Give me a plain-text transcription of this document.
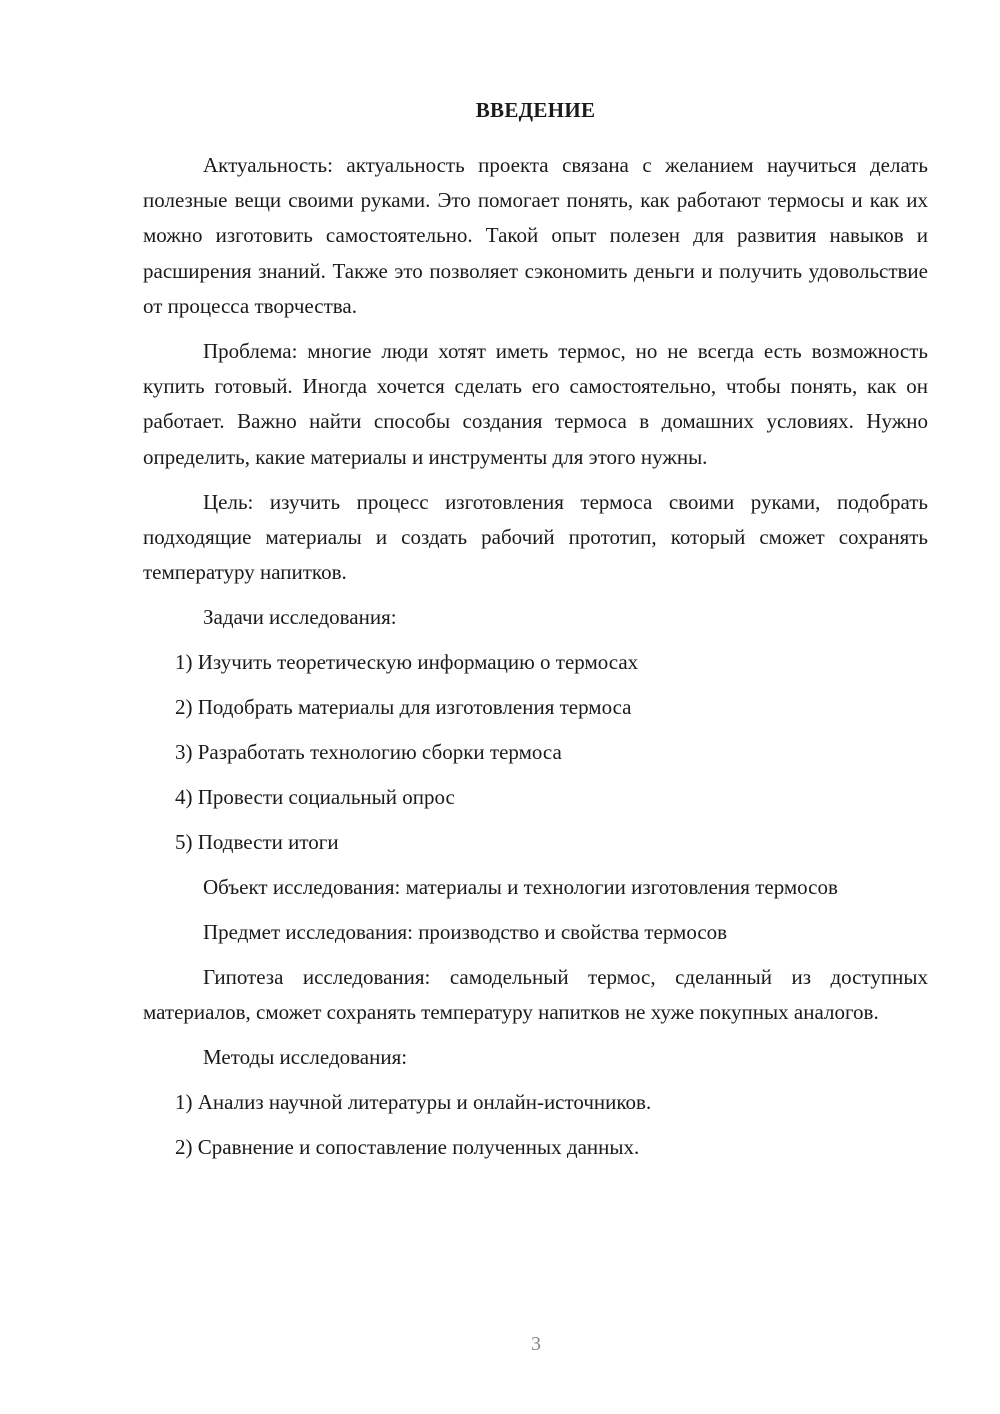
ВВЕДЕНИЕ

Актуальность: актуальность проекта связана с желанием научиться делать полезные вещи своими руками. Это помогает понять, как работают термосы и как их можно изготовить самостоятельно. Такой опыт полезен для развития навыков и расширения знаний. Также это позволяет сэкономить деньги и получить удовольствие от процесса творчества.

Проблема: многие люди хотят иметь термос, но не всегда есть возможность купить готовый. Иногда хочется сделать его самостоятельно, чтобы понять, как он работает. Важно найти способы создания термоса в домашних условиях. Нужно определить, какие материалы и инструменты для этого нужны.

Цель: изучить процесс изготовления термоса своими руками, подобрать подходящие материалы и создать рабочий прототип, который сможет сохранять температуру напитков.

Задачи исследования:

1) Изучить теоретическую информацию о термосах
2) Подобрать материалы для изготовления термоса
3) Разработать технологию сборки термоса
4) Провести социальный опрос
5) Подвести итоги

Объект исследования: материалы и технологии изготовления термосов

Предмет исследования: производство и свойства термосов

Гипотеза исследования: самодельный термос, сделанный из доступных материалов, сможет сохранять температуру напитков не хуже покупных аналогов.

Методы исследования:

1) Анализ научной литературы и онлайн-источников.
2) Сравнение и сопоставление полученных данных.
3
